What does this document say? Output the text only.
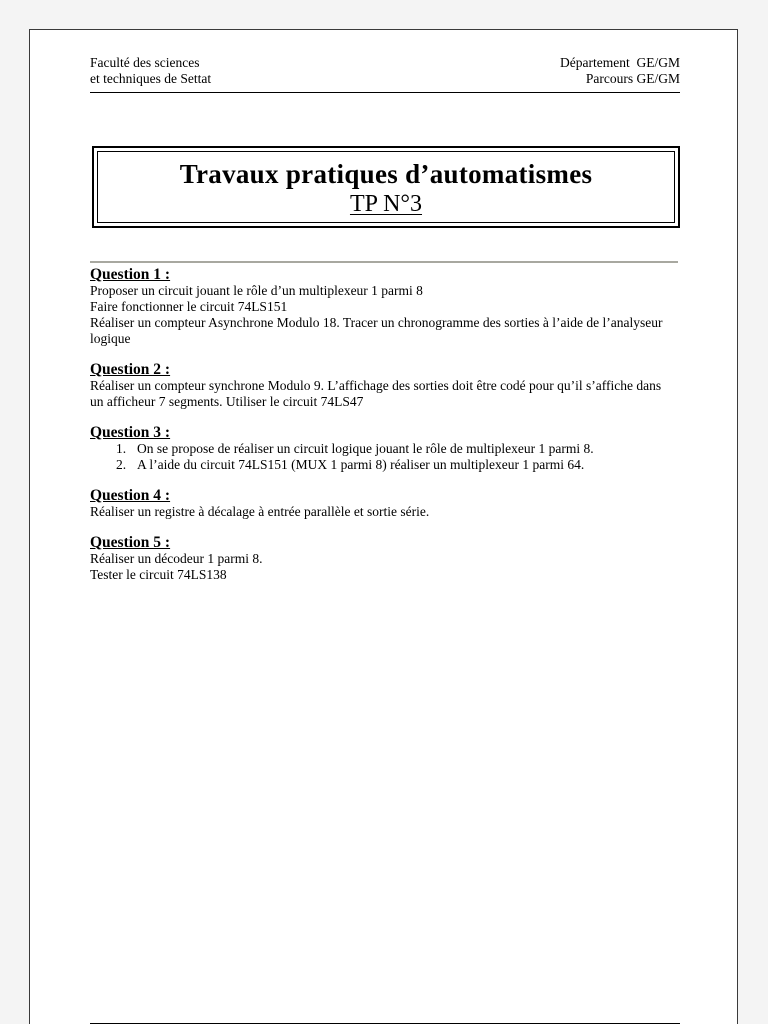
Faculté des sciences
et techniques de Settat
Département  GE/GM
Parcours GE/GM
Travaux pratiques d’automatismes
TP N°3
Question 1 :
Proposer un circuit jouant le rôle d’un multiplexeur 1 parmi 8
Faire fonctionner le circuit 74LS151
Réaliser un compteur Asynchrone Modulo 18. Tracer un chronogramme des sorties à l’aide de l’analyseur logique
Question 2 :
Réaliser un compteur synchrone Modulo 9. L’affichage des sorties doit être codé pour qu’il s’affiche dans un afficheur 7 segments. Utiliser le circuit 74LS47
Question 3 :
1. On se propose de réaliser un circuit logique jouant le rôle de multiplexeur 1 parmi 8.
2. A l’aide du circuit 74LS151 (MUX 1 parmi 8) réaliser un multiplexeur 1 parmi 64.
Question 4 :
Réaliser un registre à décalage à entrée parallèle et sortie série.
Question 5 :
Réaliser un décodeur 1 parmi 8.
Tester le circuit 74LS138
